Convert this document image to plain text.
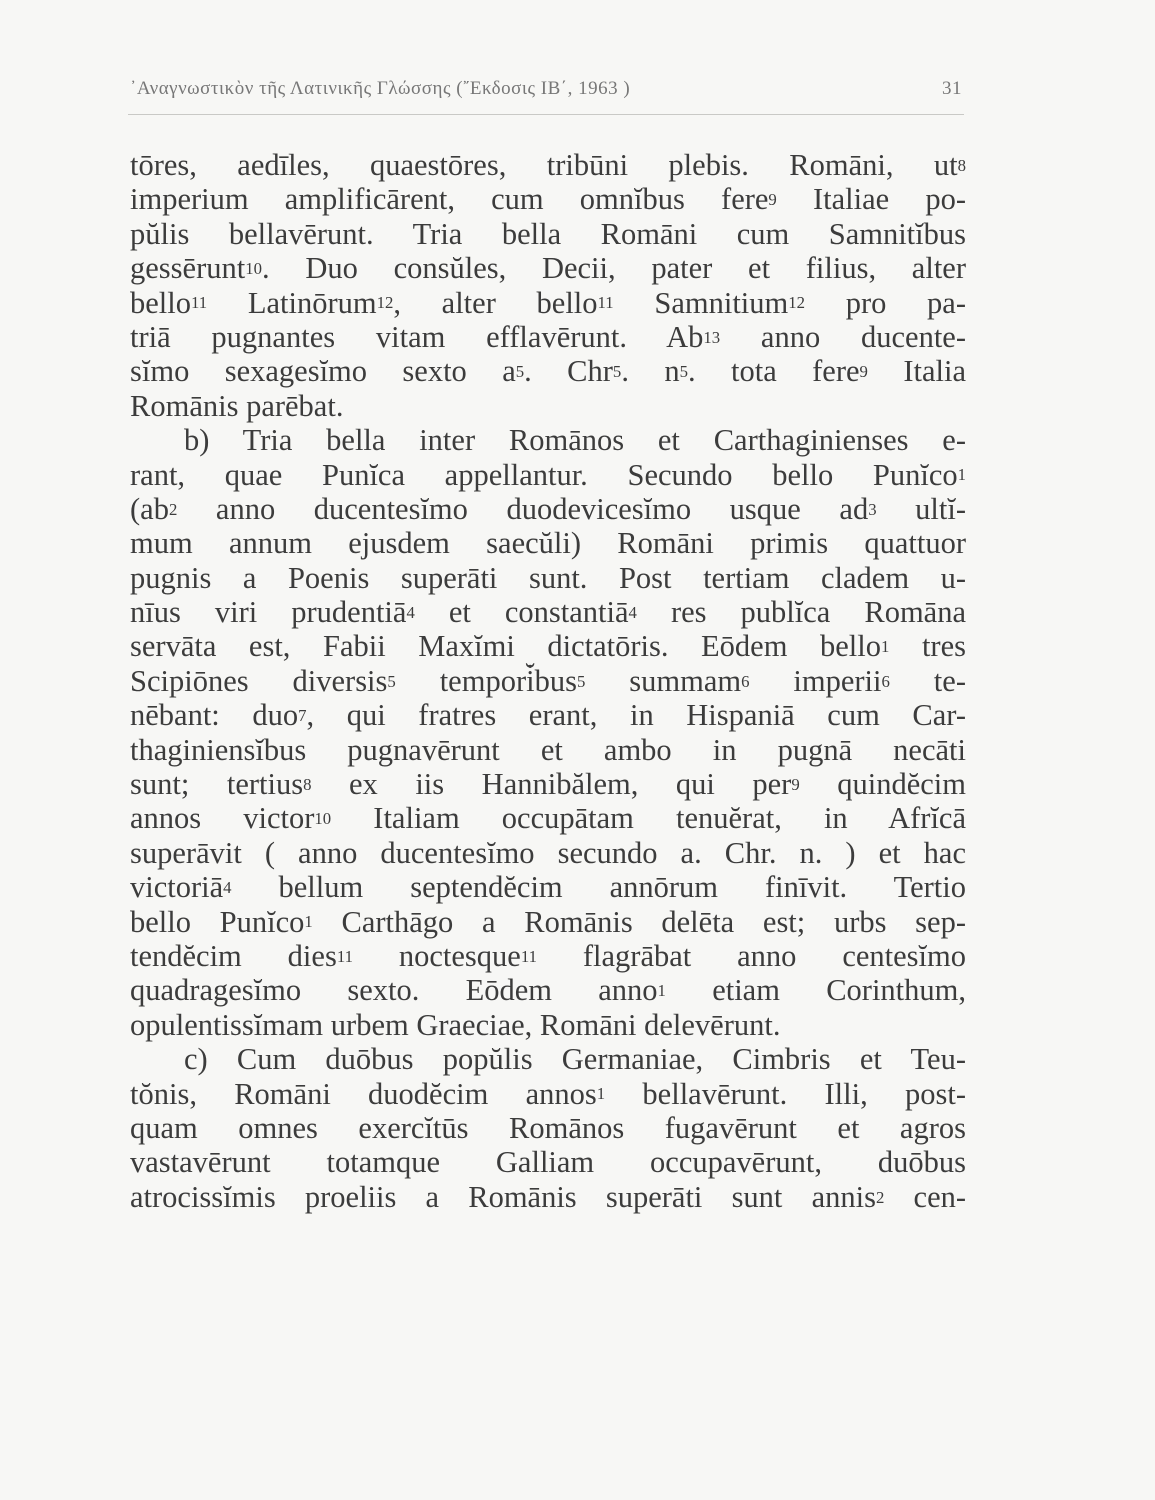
᾽Αναγνωστικὸν τῆς Λατινικῆς Γλώσσης (῎Εκδοσις ΙΒ΄, 1963 )	31
tōres, aedīles, quaestōres, tribūni plebis. Romāni, $ut^8$
imperium amplificārent, cum omnĭbus fere$^9$ Italiae po-
pŭlis bellavērunt. Tria bella Romāni cum Samnitĭbus
gessērunt$^{10}$. Duo consŭles, Decii, pater et filius, alter
bello$^{11}$ Latinōrum$^{12}$, alter bello$^{11}$ Samnitium$^{12}$ pro pa-
triā pugnantes vitam efflavērunt. Ab$^{13}$ anno ducente-
sĭmo sexagesĭmo sexto $a^5$. Chr$^5$. $n^5$. tota fere$^9$ Italia
Romānis parēbat.
b) Tria bella inter Romānos et Carthaginienses e-
rant, quae Punĭca appellantur. Secundo bello Punĭco$^1$
($ab^2$ anno ducentesĭmo duodevicesĭmo usque $ad^3$ ultĭ-
mum annum ejusdem saecŭli) Romāni primis quattuor
pugnis a Poenis superāti sunt. Post tertiam cladem u-
nīus viri prudentiā$^4$ et constantiā$^4$ res publĭca Romāna
servāta est, Fabii Maxĭmi dictatōris. Eōdem bello$^1$ tres
Scipiōnes diversis$^5$ tempori̇̆bus$^5$ summam$^6$ imperii$^6$ te-
nēbant: duo$^7$, qui fratres erant, in Hispaniā cum Car-
thaginiensĭbus pugnavērunt et ambo in pugnā necāti
sunt; tertius$^8$ ex iis Hannibălem, qui per$^9$ quindĕcim
annos victor$^{10}$ Italiam occupātam tenuĕrat, in Afrĭcā
superāvit ( anno ducentesĭmo secundo a. Chr. n. ) et hac
victoriā$^4$ bellum septendĕcim annōrum finīvit. Tertio
bello Punĭco$^1$ Carthāgo a Romānis delēta est; urbs sep-
tendĕcim dies$^{11}$ noctesque$^{11}$ flagrābat anno centesĭmo
quadragesĭmo sexto. Eōdem anno$^1$ etiam Corinthum,
opulentissĭmam urbem Graeciae, Romāni delevērunt.
c) Cum duōbus popŭlis Germaniae, Cimbris et Teu-
tŏnis, Romāni duodĕcim annos$^1$ bellavērunt. Illi, post-
quam omnes exercĭtūs Romānos fugavērunt et agros
vastavērunt totamque Galliam occupavērunt, duōbus
atrocissĭmis proeliis a Romānis superāti sunt annis$^2$ cen-
